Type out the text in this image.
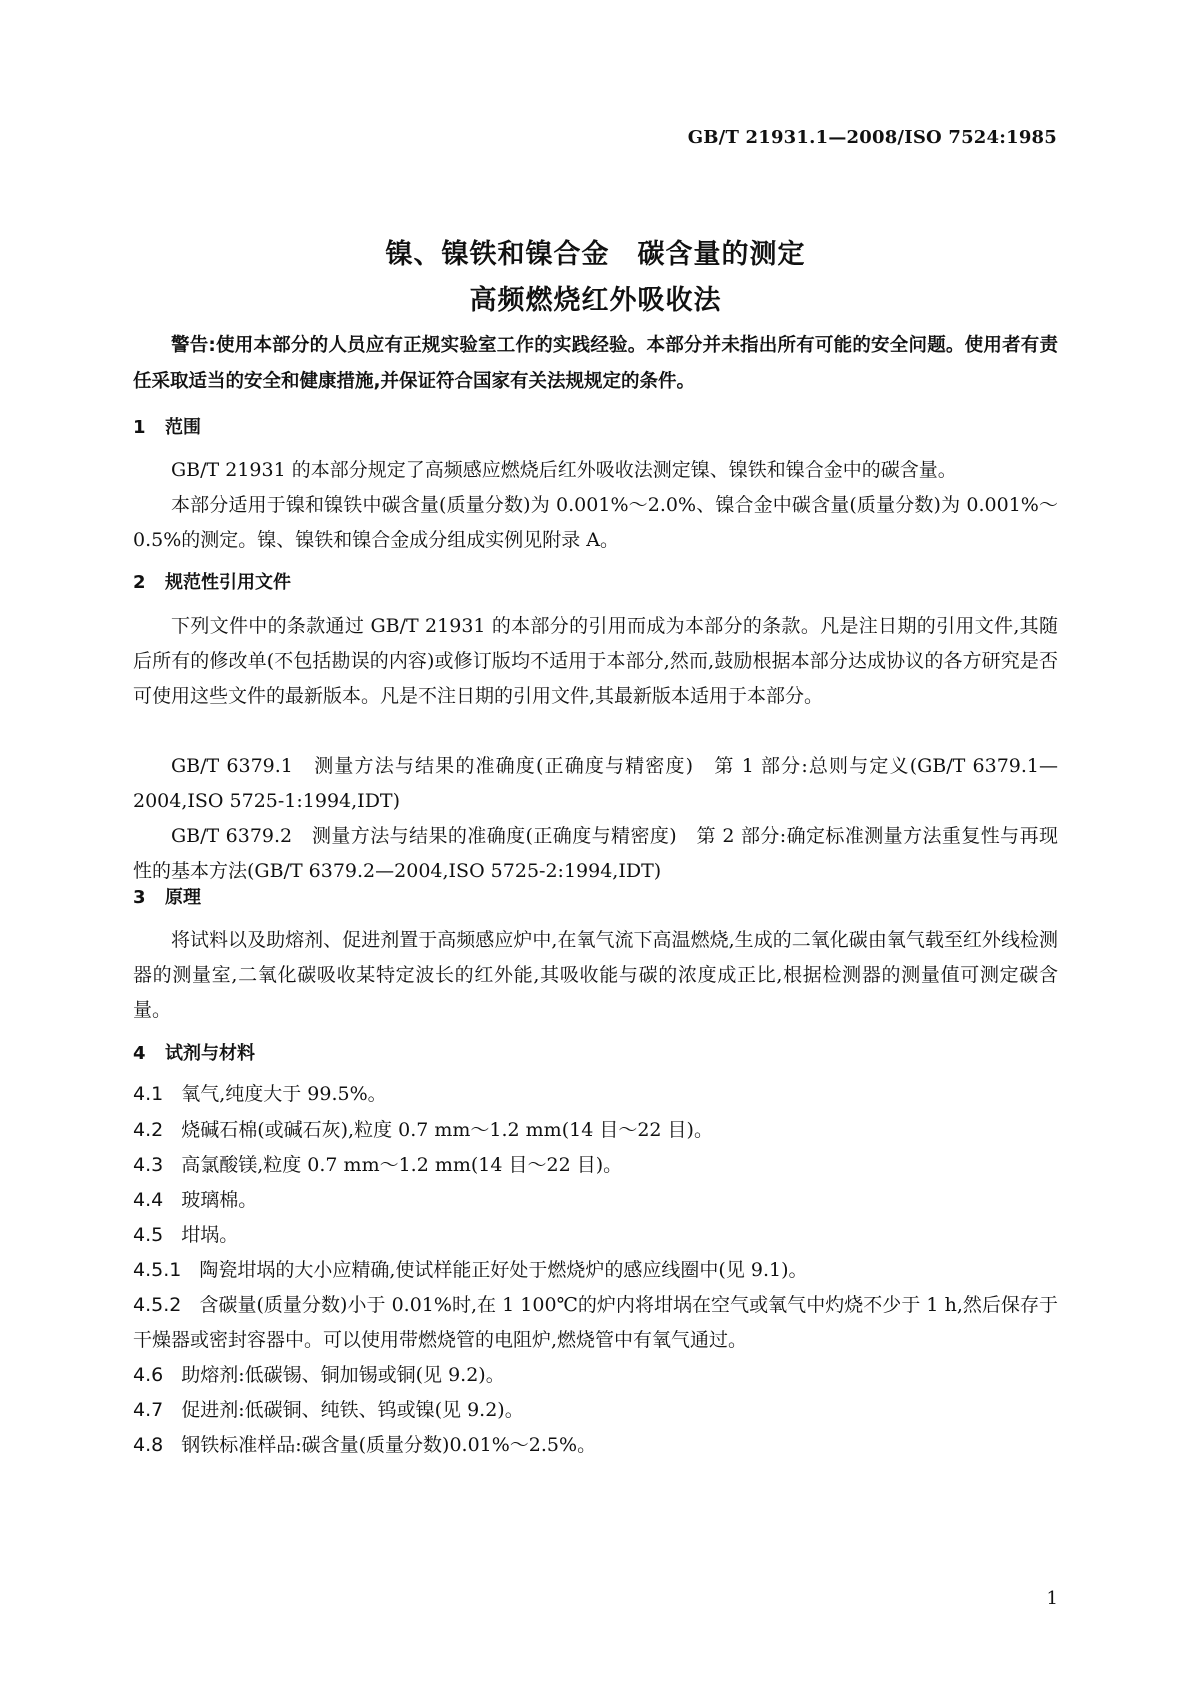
GB/T 21931.1—2008/ISO 7524:1985
镍、镍铁和镍合金　碳含量的测定
高频燃烧红外吸收法
警告:使用本部分的人员应有正规实验室工作的实践经验。本部分并未指出所有可能的安全问题。使用者有责任采取适当的安全和健康措施,并保证符合国家有关法规规定的条件。
1 范围
GB/T 21931 的本部分规定了高频感应燃烧后红外吸收法测定镍、镍铁和镍合金中的碳含量。
本部分适用于镍和镍铁中碳含量(质量分数)为 0.001%～2.0%、镍合金中碳含量(质量分数)为 0.001%～0.5%的测定。镍、镍铁和镍合金成分组成实例见附录 A。
2 规范性引用文件
下列文件中的条款通过 GB/T 21931 的本部分的引用而成为本部分的条款。凡是注日期的引用文件,其随后所有的修改单(不包括勘误的内容)或修订版均不适用于本部分,然而,鼓励根据本部分达成协议的各方研究是否可使用这些文件的最新版本。凡是不注日期的引用文件,其最新版本适用于本部分。
GB/T 6379.1　测量方法与结果的准确度(正确度与精密度)　第 1 部分:总则与定义(GB/T 6379.1—2004,ISO 5725-1:1994,IDT)
GB/T 6379.2　测量方法与结果的准确度(正确度与精密度)　第 2 部分:确定标准测量方法重复性与再现性的基本方法(GB/T 6379.2—2004,ISO 5725-2:1994,IDT)
3 原理
将试料以及助熔剂、促进剂置于高频感应炉中,在氧气流下高温燃烧,生成的二氧化碳由氧气载至红外线检测器的测量室,二氧化碳吸收某特定波长的红外能,其吸收能与碳的浓度成正比,根据检测器的测量值可测定碳含量。
4 试剂与材料
4.1 氧气,纯度大于 99.5%。
4.2 烧碱石棉(或碱石灰),粒度 0.7 mm～1.2 mm(14 目～22 目)。
4.3 高氯酸镁,粒度 0.7 mm～1.2 mm(14 目～22 目)。
4.4 玻璃棉。
4.5 坩埚。
4.5.1 陶瓷坩埚的大小应精确,使试样能正好处于燃烧炉的感应线圈中(见 9.1)。
4.5.2 含碳量(质量分数)小于 0.01%时,在 1 100℃的炉内将坩埚在空气或氧气中灼烧不少于 1 h,然后保存于干燥器或密封容器中。可以使用带燃烧管的电阻炉,燃烧管中有氧气通过。
4.6 助熔剂:低碳锡、铜加锡或铜(见 9.2)。
4.7 促进剂:低碳铜、纯铁、钨或镍(见 9.2)。
4.8 钢铁标准样品:碳含量(质量分数)0.01%～2.5%。
1
